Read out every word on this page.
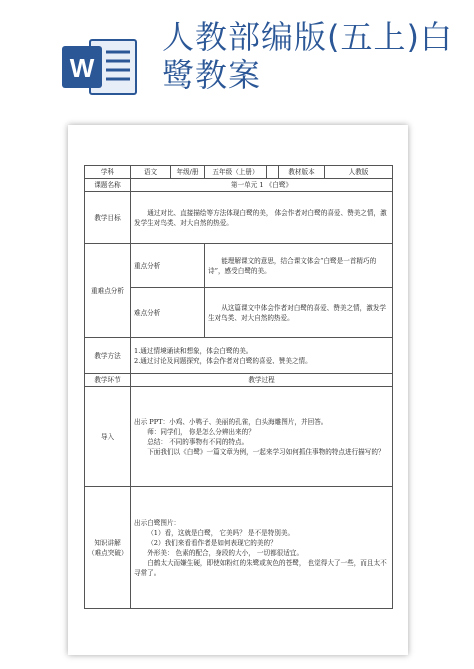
W
人教部编版(五上)白鹭教案
学科	语文	年级/册	五年级（上册）		教材版本	人教版
课题名称	第一单元 1 《白鹭》					
教学目标	通过对比、直接描绘等方法体现白鹭的美， 体会作者对白鹭的喜爱、赞美之情，激发学生对鸟类、对大自然的热爱。					

重难点分析	重点分析		能理解课文的意思，结合课文体会“白鹭是一首精巧的诗”，感受白鹭的美。			

	难点分析		从这篇课文中体会作者对白鹭的喜爱、赞美之情，激发学生对鸟类、对大自然的热爱。			

教学方法	1.通过情境诵读和想象，体会白鹭的美。

2.通过讨论及问题探究，体会作者对白鹭的喜爱、赞美之情。					

教学环节	教学过程					
导入	出示 PPT：小鸡、小鸭子、美丽的孔雀，白头海雕图片，并回答。

师：同学们， 你是怎么分辨出来的？

总结： 不同的事物有不同的特点。

下面我们以《白鹭》一篇文章为例，一起来学习如何抓住事物的特点进行描写的？					

知识讲解（难点突破）	出示白鹭图片：

（1）看，这就是白鹭， 它美吗？ 是不是特别美。

（2）我们来看看作者是如何表现它的美的？

外形美： 色素的配合，身段的大小， 一切都很适宜。

白鹤太大而嫌生硬，即使如粉红的朱鹭或灰色的苍鹭， 也觉得大了一些，而且太不寻常了。					
